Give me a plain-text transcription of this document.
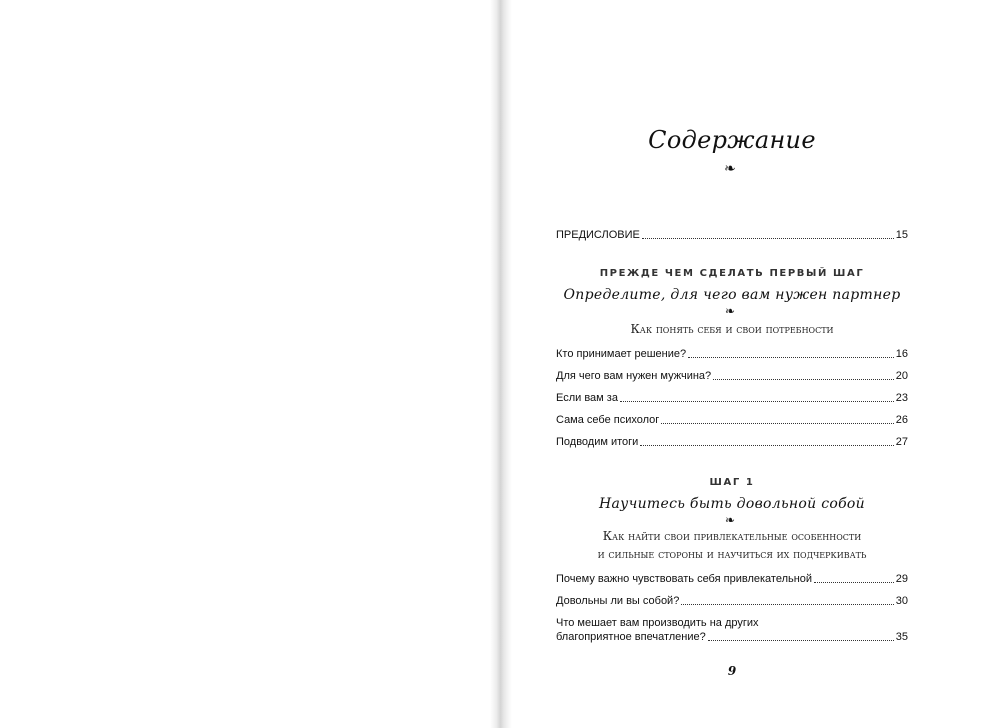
Содержание
❧
ПРЕДИСЛОВИЕ	15
ПРЕЖДЕ ЧЕМ СДЕЛАТЬ ПЕРВЫЙ ШАГ
Определите, для чего вам нужен партнер
❧
Как понять себя и свои потребности
Кто принимает решение?	16
Для чего вам нужен мужчина?	20
Если вам за	23
Сама себе психолог	26
Подводим итоги	27
ШАГ 1
Научитесь быть довольной собой
❧
Как найти свои привлекательные особенности
и сильные стороны и научиться их подчеркивать
Почему важно чувствовать себя привлекательной	29
Довольны ли вы собой?	30
Что мешает вам производить на других
благоприятное впечатление?	35
9
